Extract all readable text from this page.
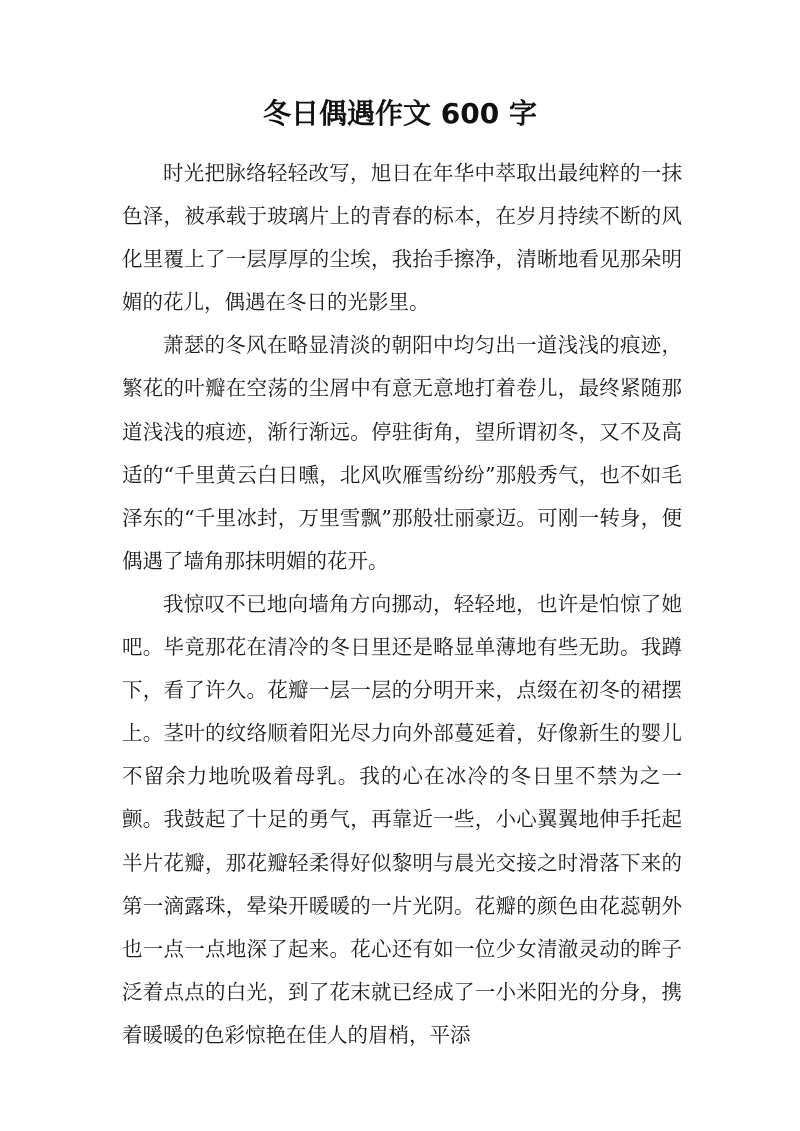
冬日偶遇作文 600 字

时光把脉络轻轻改写，旭日在年华中萃取出最纯粹的一抹色泽，被承载于玻璃片上的青春的标本，在岁月持续不断的风化里覆上了一层厚厚的尘埃，我抬手擦净，清晰地看见那朵明媚的花儿，偶遇在冬日的光影里。

萧瑟的冬风在略显清淡的朝阳中均匀出一道浅浅的痕迹，繁花的叶瓣在空荡的尘屑中有意无意地打着卷儿，最终紧随那道浅浅的痕迹，渐行渐远。停驻街角，望所谓初冬，又不及高适的“千里黄云白日曛，北风吹雁雪纷纷”那般秀气，也不如毛泽东的“千里冰封，万里雪飘”那般壮丽豪迈。可刚一转身，便偶遇了墙角那抹明媚的花开。

我惊叹不已地向墙角方向挪动，轻轻地，也许是怕惊了她吧。毕竟那花在清冷的冬日里还是略显单薄地有些无助。我蹲下，看了许久。花瓣一层一层的分明开来，点缀在初冬的裙摆上。茎叶的纹络顺着阳光尽力向外部蔓延着，好像新生的婴儿不留余力地吮吸着母乳。我的心在冰冷的冬日里不禁为之一颤。我鼓起了十足的勇气，再靠近一些，小心翼翼地伸手托起半片花瓣，那花瓣轻柔得好似黎明与晨光交接之时滑落下来的第一滴露珠，晕染开暖暖的一片光阴。花瓣的颜色由花蕊朝外也一点一点地深了起来。花心还有如一位少女清澈灵动的眸子泛着点点的白光，到了花末就已经成了一小米阳光的分身，携着暖暖的色彩惊艳在佳人的眉梢，平添
